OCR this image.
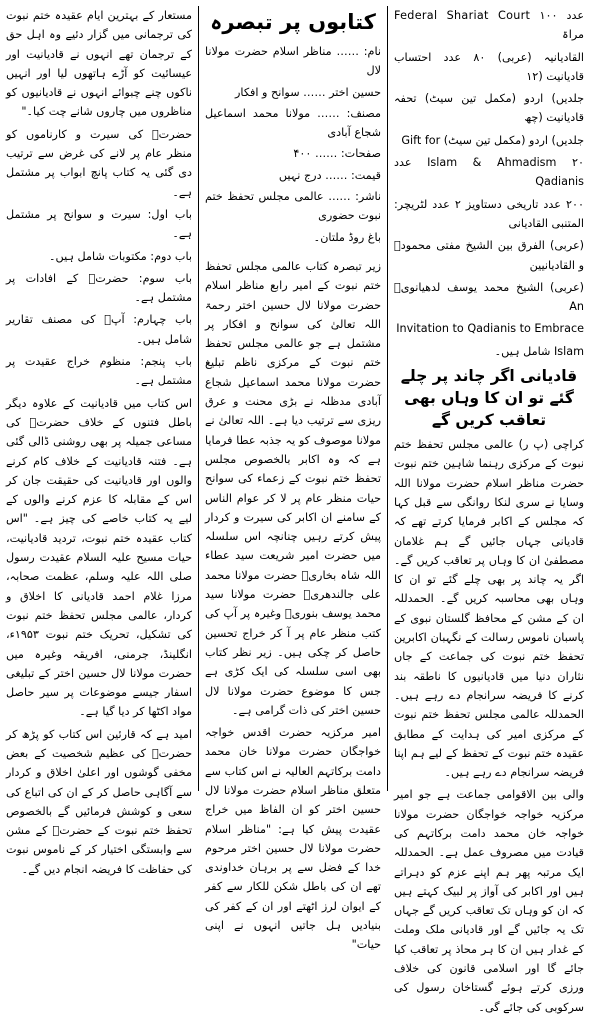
Federal Shariat Court ۱۰۰ عدد مراۃ

القادیانیہ (عربی) ۸۰ عدد احتساب قادیانیت (۱۲

جلدیں) اردو (مکمل تین سیٹ) تحفہ قادیانیت (چھ

جلدیں) اردو (مکمل تین سیٹ) Gift for

Islam & Ahmadism ۲۰ عدد Qadianis

۲۰۰ عدد تاریخی دستاویز ۲ عدد لٹریچر: المتنبی القادیانی

(عربی) الفرق بین الشیخ مفتی محمودؒ و القادیانیین

(عربی) الشیخ محمد یوسف لدھیانویؒ An

Invitation to Qadianis to Embrace

Islam شامل ہیں۔

قادیانی اگر چاند پر چلے گئے تو ان کا وہاں بھی تعاقب کریں گے

کراچی (پ ر) عالمی مجلس تحفظ ختم نبوت کے مرکزی رہنما شاہین ختم نبوت حضرت مناظر اسلام حضرت مولانا اللہ وسایا نے سری لنکا روانگی سے قبل کہا کہ مجلس کے اکابر فرمایا کرتے تھے کہ قادیانی جہاں جائیں گے ہم غلامان مصطفیٰ ان کا وہاں پر تعاقب کریں گے۔ اگر یہ چاند پر بھی چلے گئے تو ان کا وہاں بھی محاسبہ کریں گے۔ الحمدللہ ان کے مشن کے محافظ گلستان نبوی کے پاسبان ناموس رسالت کے نگہبان اکابرین تحفظ ختم نبوت کی جماعت کے جاں نثاران دنیا میں قادیانیوں کا ناطقہ بند کرنے کا فریضہ سرانجام دے رہے ہیں۔ الحمدللہ عالمی مجلس تحفظ ختم نبوت کے مرکزی امیر کی ہدایت کے مطابق عقیدہ ختم نبوت کے تحفظ کے لیے ہم اپنا فریضہ سرانجام دے رہے ہیں۔

والی بین الاقوامی جماعت ہے جو امیر مرکزیہ خواجہ خواجگان حضرت مولانا خواجہ خان محمد دامت برکاتہم کی قیادت میں مصروف عمل ہے۔ الحمدللہ ایک مرتبہ پھر ہم اپنے عزم کو دہراتے ہیں اور اکابر کی آواز پر لبیک کہتے ہیں کہ ان کو وہاں تک تعاقب کریں گے جہاں تک یہ جائیں گے اور قادیانی ملک وملت کے غدار ہیں ان کا ہر محاذ پر تعاقب کیا جائے گا اور اسلامی قانون کی خلاف ورزی کرتے ہوئے گستاخان رسول کی سرکوبی کی جائے گی۔

کتابوں پر تبصرہ

نام: …… مناظر اسلام حضرت مولانا لال

حسین اختر …… سوانح و افکار

مصنف: …… مولانا محمد اسماعیل شجاع آبادی

صفحات: …… ۴۰۰

قیمت: …… درج نہیں

ناشر: …… عالمی مجلس تحفظ ختم نبوت حضوری

باغ روڈ ملتان۔

زیر تبصرہ کتاب عالمی مجلس تحفظ ختم نبوت کے امیر رابع مناظر اسلام حضرت مولانا لال حسین اختر رحمۃ اللہ تعالیٰ کی سوانح و افکار پر مشتمل ہے جو عالمی مجلس تحفظ ختم نبوت کے مرکزی ناظم تبلیغ حضرت مولانا محمد اسماعیل شجاع آبادی مدظلہ نے بڑی محنت و عرق ریزی سے ترتیب دیا ہے۔ اللہ تعالیٰ نے مولانا موصوف کو یہ جذبہ عطا فرمایا ہے کہ وہ اکابر بالخصوص مجلس تحفظ ختم نبوت کے زعماء کی سوانح حیات منظر عام پر لا کر عوام الناس کے سامنے ان اکابر کی سیرت و کردار پیش کرتے رہیں چنانچہ اس سلسلہ میں حضرت امیر شریعت سید عطاء اللہ شاہ بخاریؒ حضرت مولانا محمد علی جالندھریؒ حضرت مولانا سید محمد یوسف بنوریؒ وغیرہ پر آپ کی کتب منظر عام پر آ کر خراج تحسین حاصل کر چکی ہیں۔ زیر نظر کتاب بھی اسی سلسلہ کی ایک کڑی ہے جس کا موضوع حضرت مولانا لال حسین اختر کی ذات گرامی ہے۔

امیر مرکزیہ حضرت اقدس خواجہ خواجگان حضرت مولانا خان محمد دامت برکاتہم العالیہ نے اس کتاب سے متعلق مناظر اسلام حضرت مولانا لال حسین اختر کو ان الفاظ میں خراج عقیدت پیش کیا ہے: "مناظر اسلام حضرت مولانا لال حسین اختر مرحوم خدا کے فضل سے پر برہان خداوندی تھے ان کی باطل شکن للکار سے کفر کے ایوان لرز اٹھتے اور ان کے کفر کی بنیادیں ہل جاتیں انہوں نے اپنی حیات"

مستعار کے بہترین ایام عقیدہ ختم نبوت کی ترجمانی میں گزار دئیے وہ اہل حق کے ترجمان تھے انہوں نے قادیانیت اور عیسائیت کو آڑے ہاتھوں لیا اور انہیں ناکوں چنے چبوائے انہوں نے قادیانیوں کو مناظروں میں چاروں شانے چت کیا۔"

حضرتؒ کی سیرت و کارناموں کو منظر عام پر لانے کی غرض سے ترتیب دی گئی یہ کتاب پانچ ابواب پر مشتمل ہے۔

باب اول: سیرت و سوانح پر مشتمل ہے۔

باب دوم: مکتوبات شامل ہیں۔

باب سوم: حضرتؒ کے افادات پر مشتمل ہے۔

باب چہارم: آپؒ کی مصنف تقاریر شامل ہیں۔

باب پنجم: منظوم خراج عقیدت پر مشتمل ہے۔

اس کتاب میں قادیانیت کے علاوہ دیگر باطل فتنوں کے خلاف حضرتؒ کی مساعی جمیلہ پر بھی روشنی ڈالی گئی ہے۔ فتنہ قادیانیت کے خلاف کام کرنے والوں اور قادیانیت کی حقیقت جان کر اس کے مقابلہ کا عزم کرنے والوں کے لیے یہ کتاب خاصے کی چیز ہے۔ "اس کتاب عقیدہ ختم نبوت، تردید قادیانیت، حیات مسیح علیہ السلام عقیدت رسول صلی اللہ علیہ وسلم، عظمت صحابہ، مرزا غلام احمد قادیانی کا اخلاق و کردار، عالمی مجلس تحفظ ختم نبوت کی تشکیل، تحریک ختم نبوت ۱۹۵۳ء، انگلینڈ، جرمنی، افریقہ وغیرہ میں حضرت مولانا لال حسین اختر کے تبلیغی اسفار جیسے موضوعات پر سیر حاصل مواد اکٹھا کر دیا گیا ہے۔

امید ہے کہ قارئین اس کتاب کو پڑھ کر حضرتؒ کی عظیم شخصیت کے بعض مخفی گوشوں اور اعلیٰ اخلاق و کردار سے آگاہی حاصل کر کے ان کی اتباع کی سعی و کوشش فرمائیں گے بالخصوص تحفظ ختم نبوت کے حضرتؒ کے مشن سے وابستگی اختیار کر کے ناموس نبوت کی حفاظت کا فریضہ انجام دیں گے۔
